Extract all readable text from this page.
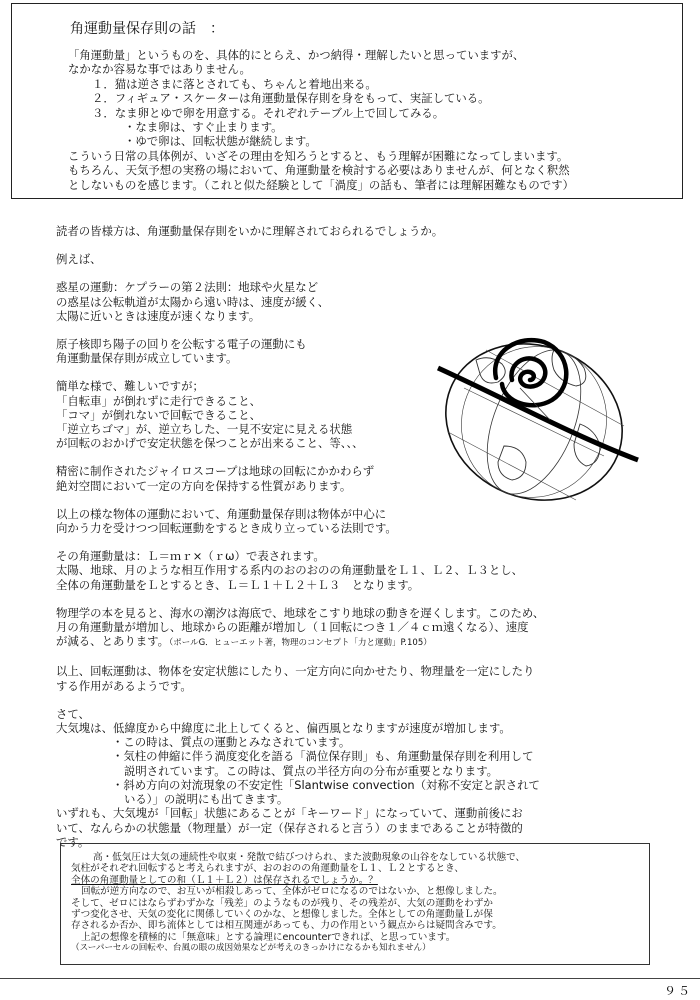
角運動量保存則の話　：
「角運動量」というものを、具体的にとらえ、かつ納得・理解したいと思っていますが、
なかなか容易な事ではありません。
１．猫は逆さまに落とされても、ちゃんと着地出来る。
２．フィギュア・スケーターは角運動量保存則を身をもって、実証している。
３．なま卵とゆで卵を用意する。それぞれテーブル上で回してみる。
・なま卵は、すぐ止まります。
・ゆで卵は、回転状態が継続します。
こういう日常の具体例が、いざその理由を知ろうとすると、もう理解が困難になってしまいます。
もちろん、天気予想の実務の場において、角運動量を検討する必要はありませんが、何となく釈然
としないものを感じます。（これと似た経験として「渦度」の話も、筆者には理解困難なものです）
読者の皆様方は、角運動量保存則をいかに理解されておられるでしょうか。
例えば、
惑星の運動：ケプラーの第２法則：地球や火星など
の惑星は公転軌道が太陽から遠い時は、速度が緩く、
太陽に近いときは速度が速くなります。
原子核即ち陽子の回りを公転する電子の運動にも
角運動量保存則が成立しています。
簡単な様で、難しいですが；
「自転車」が倒れずに走行できること、
「コマ」が倒れないで回転できること、
「逆立ちゴマ」が、逆立ちした、一見不安定に見える状態
が回転のおかげで安定状態を保つことが出来ること、等、、、
精密に制作されたジャイロスコープは地球の回転にかかわらず
絶対空間において一定の方向を保持する性質があります。
以上の様な物体の運動において、角運動量保存則は物体が中心に
向かう力を受けつつ回転運動をするとき成り立っている法則です。
その角運動量は：Ｌ＝ｍｒ×（ｒω）で表されます。
太陽、地球、月のような相互作用する系内のおのおのの角運動量をＬ１、Ｌ２、Ｌ３とし、
全体の角運動量をＬとするとき、Ｌ＝Ｌ１＋Ｌ２＋Ｌ３　となります。
物理学の本を見ると、海水の潮汐は海底で、地球をこすり地球の動きを遅くします。このため、
月の角運動量が増加し、地球からの距離が増加し（１回転につき１／４ｃｍ遠くなる）、速度
が減る、とあります。（ポールG．ヒューエット著，物理のコンセプト「力と運動」P.105）
以上、回転運動は、物体を安定状態にしたり、一定方向に向かせたり、物理量を一定にしたり
する作用があるようです。
さて、
大気塊は、低緯度から中緯度に北上してくると、偏西風となりますが速度が増加します。
・この時は、質点の運動とみなされています。
・気柱の伸縮に伴う渦度変化を語る「渦位保存則」も、角運動量保存則を利用して
説明されています。この時は、質点の半径方向の分布が重要となります。
・斜め方向の対流現象の不安定性「Slantwise convection（対称不安定と訳されて
いる）」の説明にも出てきます。
いずれも、大気塊が「回転」状態にあることが「キーワード」になっていて、運動前後にお
いて、なんらかの状態量（物理量）が一定（保存されると言う）のままであることが特徴的
です。
高・低気圧は大気の連続性や収束・発散で結びつけられ、また波動現象の山谷をなしている状態で、
気柱がそれぞれ回転すると考えられますが、おのおのの角運動量をＬ１、Ｌ２とするとき、
全体の角運動量としての和（Ｌ１＋Ｌ２）は保存されるでしょうか。？
回転が逆方向なので、お互いが相殺しあって、全体がゼロになるのではないか、と想像しました。
そして、ゼロにはならずわずかな「残差」のようなものが残り、その残差が、大気の運動をわずか
ずつ変化させ、天気の変化に関係していくのかな、と想像しました。全体としての角運動量Ｌが保
存されるか否か、即ち流体としては相互関連があっても、力の作用という観点からは疑問含みです。
上記の想像を積極的に「無意味」とする論理にencounterできれば、と思っています。
（スーパーセルの回転や、台風の眼の成因効果などが考えのきっかけになるかも知れません）
９５
